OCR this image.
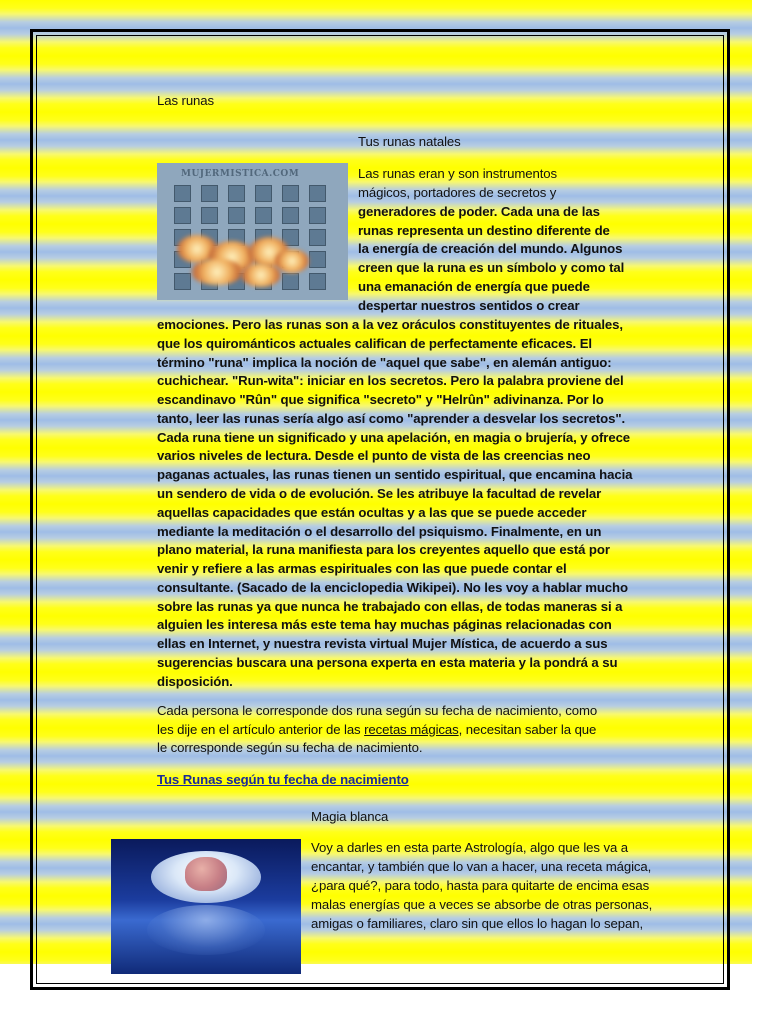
Las runas
Tus runas natales
MUJERMISTICA.COM	Las runas eran y son instrumentos
mágicos, portadores de secretos y
generadores de poder. Cada una de las
runas representa un destino diferente de
la energía de creación del mundo. Algunos
creen que la runa es un símbolo y como tal
una emanación de energía que puede
despertar nuestros sentidos o crear
emociones. Pero las runas son a la vez oráculos constituyentes de rituales,
que los quirománticos actuales califican de perfectamente eficaces. El
término "runa" implica la noción de "aquel que sabe", en alemán antiguo:
cuchichear. "Run-wita": iniciar en los secretos. Pero la palabra proviene del
escandinavo "Rûn" que significa "secreto" y "Helrûn" adivinanza. Por lo
tanto, leer las runas sería algo así como "aprender a desvelar los secretos".
Cada runa tiene un significado y una apelación, en magia o brujería, y ofrece
varios niveles de lectura. Desde el punto de vista de las creencias neo
paganas actuales, las runas tienen un sentido espiritual, que encamina hacia
un sendero de vida o de evolución. Se les atribuye la facultad de revelar
aquellas capacidades que están ocultas y a las que se puede acceder
mediante la meditación o el desarrollo del psiquismo. Finalmente, en un
plano material, la runa manifiesta para los creyentes aquello que está por
venir y refiere a las armas espirituales con las que puede contar el
consultante. (Sacado de la enciclopedia Wikipei). No les voy a hablar mucho
sobre las runas ya que nunca he trabajado con ellas, de todas maneras si a
alguien les interesa más este tema hay muchas páginas relacionadas con
ellas en Internet, y nuestra revista virtual Mujer Mística, de acuerdo a sus
sugerencias buscara una persona experta en esta materia y la pondrá a su
disposición.
Cada persona le corresponde dos runa según su fecha de nacimiento, como
les dije en el artículo anterior de las recetas mágicas, necesitan saber la que
le corresponde según su fecha de nacimiento.
Tus Runas según tu fecha de nacimiento
Magia blanca
Voy a darles en esta parte Astrología, algo que les va a
encantar, y también que lo van a hacer, una receta mágica,
¿para qué?, para todo, hasta para quitarte de encima esas
malas energías que a veces se absorbe de otras personas,
amigas o familiares, claro sin que ellos lo hagan lo sepan,
